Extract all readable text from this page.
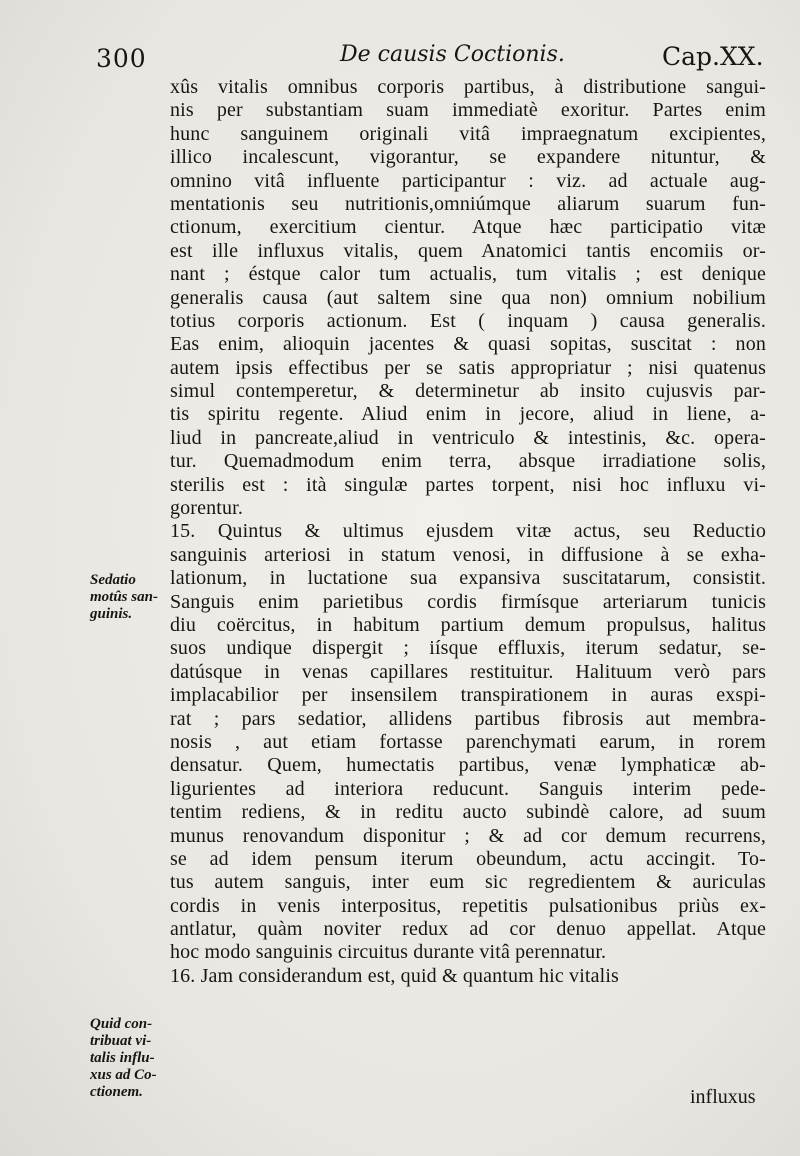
300	De causis Coctionis.	Cap.XX.
xûs vitalis omnibus corporis partibus, à distributione sangui-
nis per substantiam suam immediatè exoritur. Partes enim
hunc sanguinem originali vitâ impraegnatum excipientes,
illico incalescunt, vigorantur, se expandere nituntur, &
omnino vitâ influente participantur : viz. ad actuale aug-
mentationis seu nutritionis,omniúmque aliarum suarum fun-
ctionum, exercitium cientur. Atque hæc participatio vitæ
est ille influxus vitalis, quem Anatomici tantis encomiis or-
nant ; éstque calor tum actualis, tum vitalis ; est denique
generalis causa (aut saltem sine qua non) omnium nobilium
totius corporis actionum. Est ( inquam ) causa generalis.
Eas enim, alioquin jacentes & quasi sopitas, suscitat : non
autem ipsis effectibus per se satis appropriatur ; nisi quatenus
simul contemperetur, & determinetur ab insito cujusvis par-
tis spiritu regente. Aliud enim in jecore, aliud in liene, a-
liud in pancreate,aliud in ventriculo & intestinis, &c. opera-
tur. Quemadmodum enim terra, absque irradiatione solis,
sterilis est : ità singulæ partes torpent, nisi hoc influxu vi-
gorentur.
15. Quintus & ultimus ejusdem vitæ actus, seu Reductio
sanguinis arteriosi in statum venosi, in diffusione à se exha-
lationum, in luctatione sua expansiva suscitatarum, consistit.
Sanguis enim parietibus cordis firmísque arteriarum tunicis
diu coërcitus, in habitum partium demum propulsus, halitus
suos undique dispergit ; iísque effluxis, iterum sedatur, se-
datúsque in venas capillares restituitur. Halituum verò pars
implacabilior per insensilem transpirationem in auras exspi-
rat ; pars sedatior, allidens partibus fibrosis aut membra-
nosis , aut etiam fortasse parenchymati earum, in rorem
densatur. Quem, humectatis partibus, venæ lymphaticæ ab-
ligurientes ad interiora reducunt. Sanguis interim pede-
tentim rediens, & in reditu aucto subindè calore, ad suum
munus renovandum disponitur ; & ad cor demum recurrens,
se ad idem pensum iterum obeundum, actu accingit. To-
tus autem sanguis, inter eum sic regredientem & auriculas
cordis in venis interpositus, repetitis pulsationibus priùs ex-
antlatur, quàm noviter redux ad cor denuo appellat. Atque
hoc modo sanguinis circuitus durante vitâ perennatur.
16. Jam considerandum est, quid & quantum hic vitalis
Sedatio
motûs san-
guinis.
Quid con-
tribuat vi-
talis influ-
xus ad Co-
ctionem.	influxus
